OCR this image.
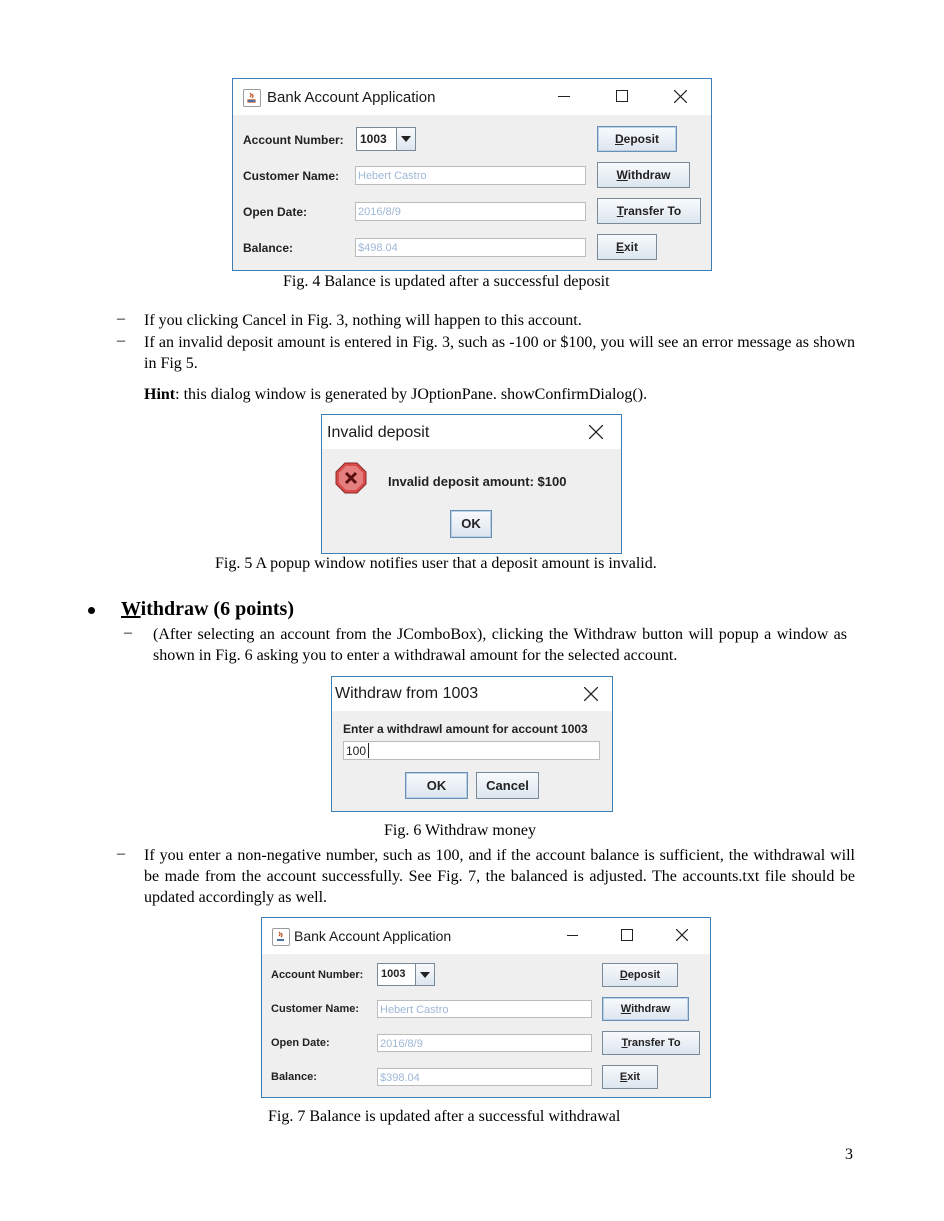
Bank Account Application
Account Number: 1003
Customer Name: Hebert Castro
Open Date:	2016/8/9
Balance:	$498.04
Deposit
Withdraw
Transfer To
Exit
Fig. 4 Balance is updated after a successful deposit
– If you clicking Cancel in Fig. 3, nothing will happen to this account.
– If an invalid deposit amount is entered in Fig. 3, such as -100 or $100, you will see an error message as shown in Fig 5.
Hint: this dialog window is generated by JOptionPane. showConfirmDialog().
Invalid deposit
Invalid deposit amount: $100
OK
Fig. 5 A popup window notifies user that a deposit amount is invalid.
Withdraw (6 points)
– (After selecting an account from the JComboBox), clicking the Withdraw button will popup a window as shown in Fig. 6 asking you to enter a withdrawal amount for the selected account.
Withdraw from 1003
Enter a withdrawl amount for account 1003
100
OK	Cancel
Fig. 6 Withdraw money
– If you enter a non-negative number, such as 100, and if the account balance is sufficient, the withdrawal will be made from the account successfully. See Fig. 7, the balanced is adjusted. The accounts.txt file should be updated accordingly as well.
Bank Account Application
Account Number: 1003
Customer Name: Hebert Castro
Open Date:	2016/8/9
Balance:	$398.04
Deposit
Withdraw
Transfer To
Exit
Fig. 7 Balance is updated after a successful withdrawal
3
